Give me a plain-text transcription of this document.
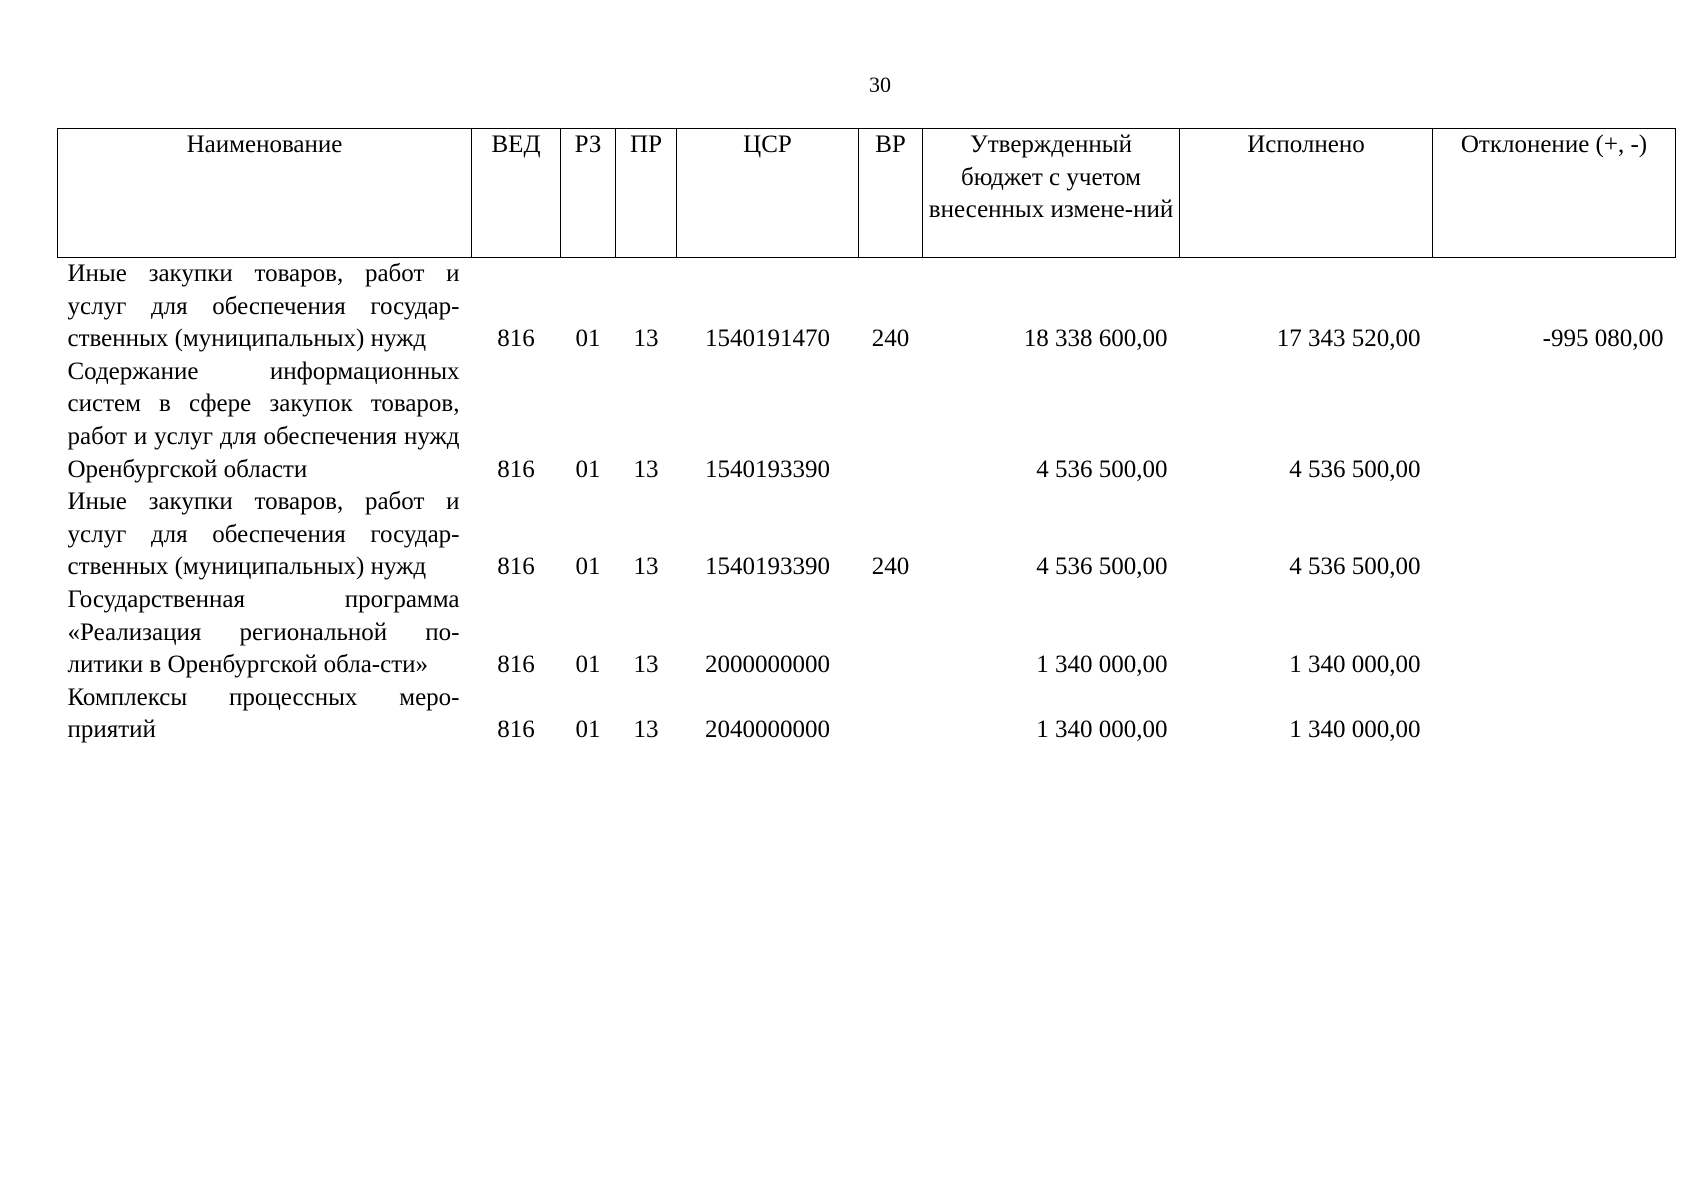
30
Наименование	ВЕД	РЗ	ПР	ЦСР	ВР	Утвержденный бюджет с учетом внесенных измене-ний	Исполнено	Отклонение (+, -)
Иные закупки товаров, работ и услуг для обеспечения государ-ственных (муниципальных) нужд	816	01	13	1540191470	240	18 338 600,00	17 343 520,00	-995 080,00
Содержание информационных систем в сфере закупок товаров, работ и услуг для обеспечения нужд Оренбургской области	816	01	13	1540193390		4 536 500,00	4 536 500,00	
Иные закупки товаров, работ и услуг для обеспечения государ-ственных (муниципальных) нужд	816	01	13	1540193390	240	4 536 500,00	4 536 500,00	
Государственная программа «Реализация региональной по-литики в Оренбургской обла-сти»	816	01	13	2000000000		1 340 000,00	1 340 000,00	
Комплексы процессных меро-приятий	816	01	13	2040000000		1 340 000,00	1 340 000,00	
